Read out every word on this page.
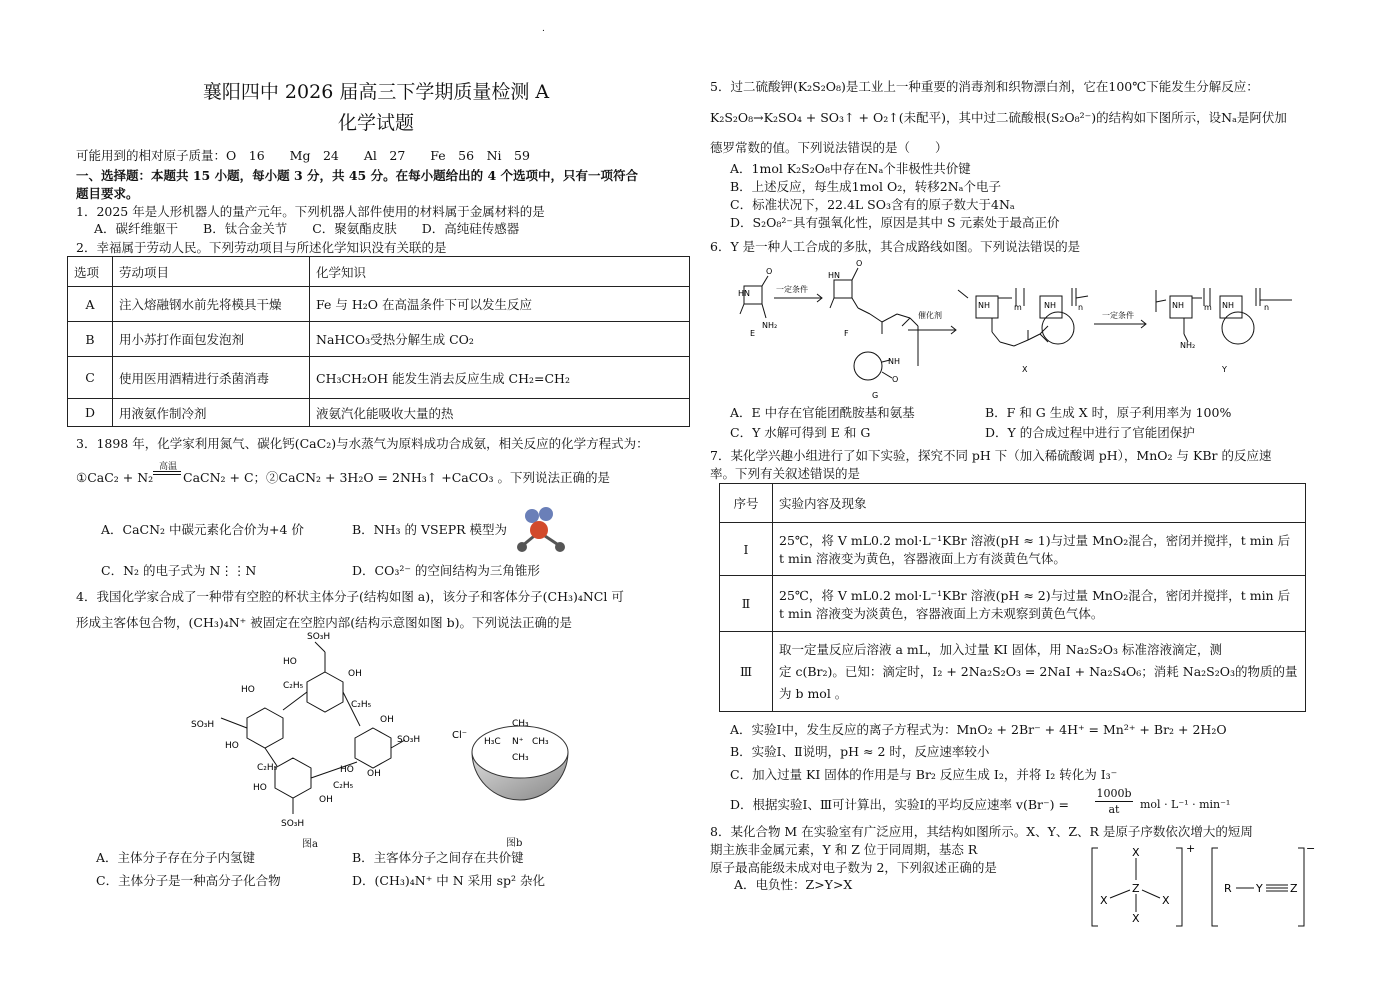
.
襄阳四中 2026 届高三下学期质量检测 A
化学试题
可能用到的相对原子质量：O　16　　Mg　24　　Al　27　　Fe　56　Ni　59
一、选择题：本题共 15 小题，每小题 3 分，共 45 分。在每小题给出的 4 个选项中，只有一项符合
题目要求。
1．2025 年是人形机器人的量产元年。下列机器人部件使用的材料属于金属材料的是
A．碳纤维躯干　　B．钛合金关节　　C．聚氨酯皮肤　　D．高纯硅传感器
2．幸福属于劳动人民。下列劳动项目与所述化学知识没有关联的是
选项	劳动项目	化学知识
A	注入熔融钢水前先将模具干燥	Fe 与 H₂O 在高温条件下可以发生反应
B	用小苏打作面包发泡剂	NaHCO₃受热分解生成 CO₂
C	使用医用酒精进行杀菌消毒	CH₃CH₂OH 能发生消去反应生成 CH₂=CH₂
D	用液氨作制冷剂	液氨汽化能吸收大量的热
3．1898 年，化学家利用氮气、碳化钙(CaC₂)与水蒸气为原料成功合成氨，相关反应的化学方程式为：
①CaC₂ + N₂
高温
CaCN₂ + C；②CaCN₂ + 3H₂O = 2NH₃↑ +CaCO₃ 。下列说法正确的是
A．CaCN₂ 中碳元素化合价为+4 价	B．NH₃ 的 VSEPR 模型为
C．N₂ 的电子式为 N⋮⋮N	D．CO₃²⁻ 的空间结构为三角锥形
4．我国化学家合成了一种带有空腔的杯状主体分子(结构如图 a)，该分子和客体分子(CH₃)₄NCl 可
形成主客体包合物，(CH₃)₄N⁺ 被固定在空腔内部(结构示意图如图 b)。下列说法正确的是
SO₃H
HO
OH
HO	C₂H₅
C₂H₅
SO₃H	OH
HO
SO₃H
C₂H₅	HO
C₂H₅
OH
HO
OH
SO₃H
图a
Cl⁻
CH₃
H₃C N⁺ CH₃
CH₃
图b
A．主体分子存在分子内氢键	B．主客体分子之间存在共价键
C．主体分子是一种高分子化合物	D．(CH₃)₄N⁺ 中 N 采用 sp² 杂化
5．过二硫酸钾(K₂S₂O₈)是工业上一种重要的消毒剂和织物漂白剂，它在100℃下能发生分解反应：
K₂S₂O₈→K₂SO₄ + SO₃↑ + O₂↑(未配平)，其中过二硫酸根(S₂O₈²⁻)的结构如下图所示，设Nₐ是阿伏加
德罗常数的值。下列说法错误的是（　　）
A．1mol K₂S₂O₈中存在Nₐ个非极性共价键
B．上述反应，每生成1mol O₂，转移2Nₐ个电子
C．标准状况下，22.4L SO₃含有的原子数大于4Nₐ
D．S₂O₈²⁻具有强氧化性，原因是其中 S 元素处于最高正价
6．Y 是一种人工合成的多肽，其合成路线如图。下列说法错误的是
一定条件
催化剂	一定条件
HN
O
NH₂
E
HN
O
F
NH
O
G
NH	m	NH	n
X
NH	m NH
NH₂
n
Y
A．E 中存在官能团酰胺基和氨基	B．F 和 G 生成 X 时，原子利用率为 100%
C．Y 水解可得到 E 和 G	D．Y 的合成过程中进行了官能团保护
7．某化学兴趣小组进行了如下实验，探究不同 pH 下（加入稀硫酸调 pH），MnO₂ 与 KBr 的反应速
率。下列有关叙述错误的是
序号	实验内容及现象
Ⅰ	25℃，将 V mL0.2 mol·L⁻¹KBr 溶液(pH ≈ 1)与过量 MnO₂混合，密闭并搅拌，t min 后
t min 溶液变为黄色，容器液面上方有淡黄色气体。

Ⅱ	25℃，将 V mL0.2 mol·L⁻¹KBr 溶液(pH ≈ 2)与过量 MnO₂混合，密闭并搅拌，t min 后
t min 溶液变为淡黄色，容器液面上方未观察到黄色气体。

Ⅲ	取一定量反应后溶液 a mL，加入过量 KI 固体，用 Na₂S₂O₃ 标准溶液滴定，测
定 c(Br₂)。已知：滴定时，I₂ + 2Na₂S₂O₃ = 2NaI + Na₂S₄O₆；消耗 Na₂S₂O₃的物质的量
为 b mol 。
A．实验Ⅰ中，发生反应的离子方程式为：MnO₂ + 2Br⁻ + 4H⁺ = Mn²⁺ + Br₂ + 2H₂O
B．实验Ⅰ、Ⅱ说明，pH ≈ 2 时，反应速率较小
C．加入过量 KI 固体的作用是与 Br₂ 反应生成 I₂，并将 I₂ 转化为 I₃⁻
D．根据实验Ⅰ、Ⅲ可计算出，实验Ⅰ的平均反应速率 $v(Br^-) = \frac{1000b}{at}$ mol · L⁻¹ · min⁻¹
8．某化合物 M 在实验室有广泛应用，其结构如图所示。X、Y、Z、R 是原子序数依次增大的短周
期主族非金属元素，Y 和 Z 位于同周期，基态 R
原子最高能级未成对电子数为 2，下列叙述正确的是
A．电负性：Z>Y>X
X
Z
X	X
X
+
R Y Z
−
